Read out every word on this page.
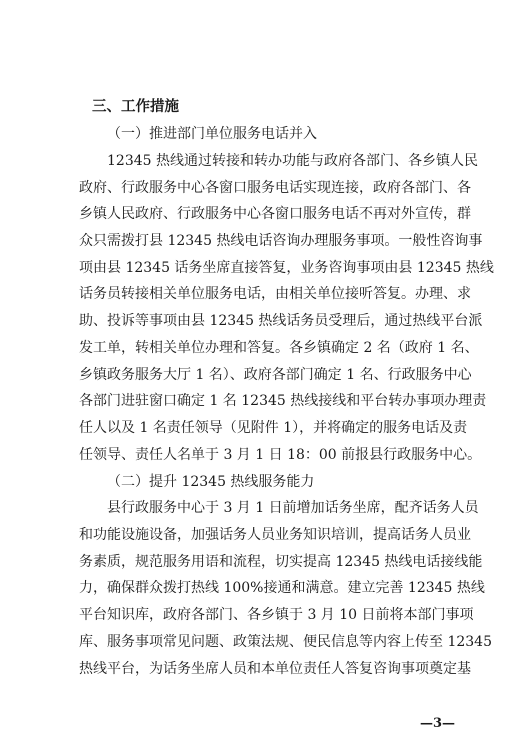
三、工作措施
（一）推进部门单位服务电话并入
12345 热线通过转接和转办功能与政府各部门、各乡镇人民
政府、行政服务中心各窗口服务电话实现连接，政府各部门、各
乡镇人民政府、行政服务中心各窗口服务电话不再对外宣传，群
众只需拨打县 12345 热线电话咨询办理服务事项。一般性咨询事
项由县 12345 话务坐席直接答复，业务咨询事项由县 12345 热线
话务员转接相关单位服务电话，由相关单位接听答复。办理、求
助、投诉等事项由县 12345 热线话务员受理后，通过热线平台派
发工单，转相关单位办理和答复。各乡镇确定 2 名（政府 1 名、
乡镇政务服务大厅 1 名）、政府各部门确定 1 名、行政服务中心
各部门进驻窗口确定 1 名 12345 热线接线和平台转办事项办理责
任人以及 1 名责任领导（见附件 1），并将确定的服务电话及责
任领导、责任人名单于 3 月 1 日 18：00 前报县行政服务中心。
（二）提升 12345 热线服务能力
县行政服务中心于 3 月 1 日前增加话务坐席，配齐话务人员
和功能设施设备，加强话务人员业务知识培训，提高话务人员业
务素质，规范服务用语和流程，切实提高 12345 热线电话接线能
力，确保群众拨打热线 100%接通和满意。建立完善 12345 热线
平台知识库，政府各部门、各乡镇于 3 月 10 日前将本部门事项
库、服务事项常见问题、政策法规、便民信息等内容上传至 12345
热线平台，为话务坐席人员和本单位责任人答复咨询事项奠定基
—3—
